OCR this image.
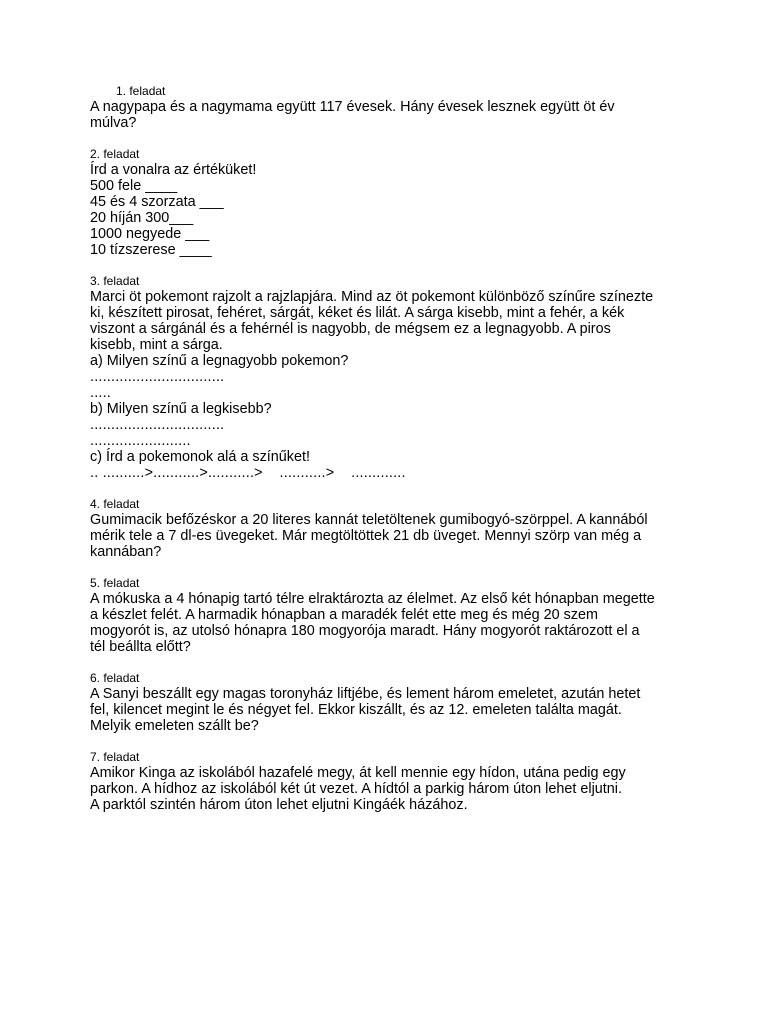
1. feladat
A nagypapa és a nagymama együtt 117 évesek. Hány évesek lesznek együtt öt év
múlva?
2. feladat
Írd a vonalra az értéküket!
500 fele ____
45 és 4 szorzata ___
20 híján 300___
1000 negyede ___
10 tízszerese ____
3. feladat
Marci öt pokemont rajzolt a rajzlapjára. Mind az öt pokemont különböző színűre színezte
ki, készített pirosat, fehéret, sárgát, kéket és lilát. A sárga kisebb, mint a fehér, a kék
viszont a sárgánál és a fehérnél is nagyobb, de mégsem ez a legnagyobb. A piros
kisebb, mint a sárga.
a) Milyen színű a legnagyobb pokemon?
................................
.....
b) Milyen színű a legkisebb?
................................
........................
c) Írd a pokemonok alá a színűket!
.. ..........>...........>...........>    ...........>    .............
4. feladat
Gumimacik befőzéskor a 20 literes kannát teletöltenek gumibogyó-szörppel. A kannából
mérik tele a 7 dl-es üvegeket. Már megtöltöttek 21 db üveget. Mennyi szörp van még a
kannában?
5. feladat
A mókuska a 4 hónapig tartó télre elraktározta az élelmet. Az első két hónapban megette
a készlet felét. A harmadik hónapban a maradék felét ette meg és még 20 szem
mogyorót is, az utolsó hónapra 180 mogyorója maradt. Hány mogyorót raktározott el a
tél beállta előtt?
6. feladat
A Sanyi beszállt egy magas toronyház liftjébe, és lement három emeletet, azután hetet
fel, kilencet megint le és négyet fel. Ekkor kiszállt, és az 12. emeleten találta magát.
Melyik emeleten szállt be?
7. feladat
Amikor Kinga az iskolából hazafelé megy, át kell mennie egy hídon, utána pedig egy
parkon. A hídhoz az iskolából két út vezet. A hídtól a parkig három úton lehet eljutni.
A parktól szintén három úton lehet eljutni Kingáék házához.
